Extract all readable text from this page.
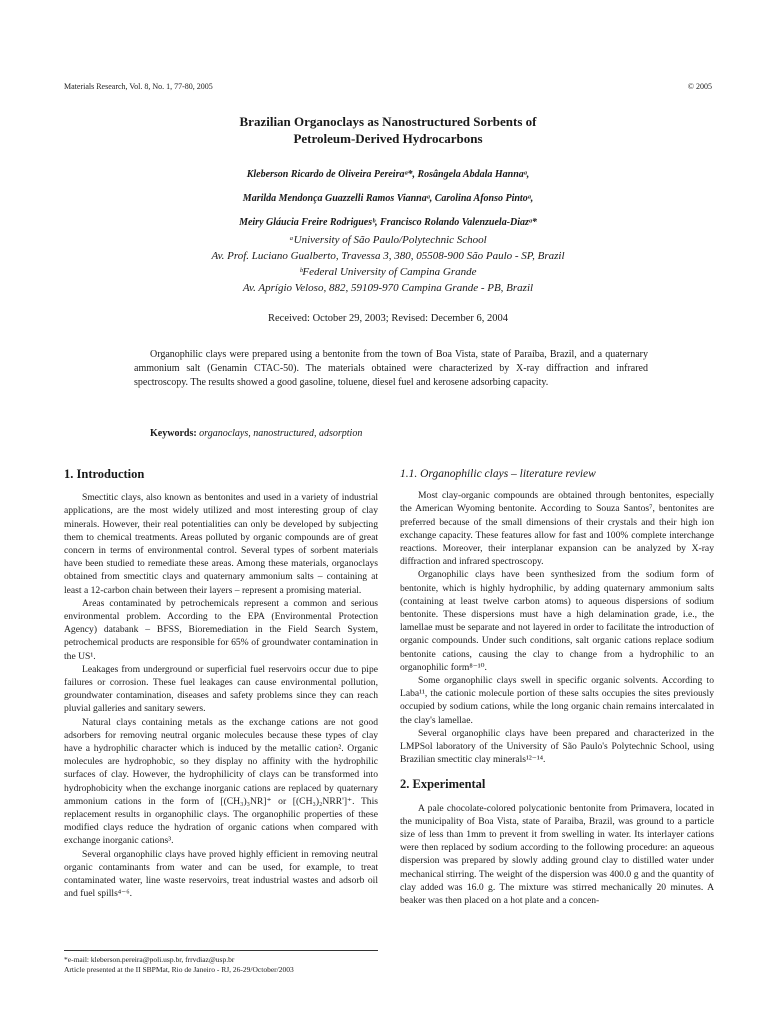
Materials Research, Vol. 8, No. 1, 77-80, 2005	© 2005
Brazilian Organoclays as Nanostructured Sorbents of
Petroleum-Derived Hydrocarbons

Kleberson Ricardo de Oliveira Pereiraᵃ*, Rosângela Abdala Hannaᵃ,

Marilda Mendonça Guazzelli Ramos Viannaᵃ, Carolina Afonso Pintoᵃ,

Meiry Gláucia Freire Rodriguesᵇ, Francisco Rolando Valenzuela-Diazᵃ*

ᵃUniversity of São Paulo/Polytechnic School

Av. Prof. Luciano Gualberto, Travessa 3, 380, 05508-900 São Paulo - SP, Brazil

ᵇFederal University of Campina Grande

Av. Aprígio Veloso, 882, 59109-970 Campina Grande - PB, Brazil

Received: October 29, 2003; Revised: December 6, 2004

Organophilic clays were prepared using a bentonite from the town of Boa Vista, state of Paraíba, Brazil, and a quaternary ammonium salt (Genamin CTAC-50). The materials obtained were characterized by X-ray diffraction and infrared spectroscopy. The results showed a good gasoline, toluene, diesel fuel and kerosene adsorbing capacity.

Keywords: organoclays, nanostructured, adsorption
1. Introduction

Smectitic clays, also known as bentonites and used in a variety of industrial applications, are the most widely utilized and most interesting group of clay minerals. However, their real potentialities can only be developed by subjecting them to chemical treatments. Areas polluted by organic compounds are of great concern in terms of environmental control. Several types of sorbent materials have been studied to remediate these areas. Among these materials, organoclays obtained from smectitic clays and quaternary ammonium salts – containing at least a 12-carbon chain between their layers – represent a promising material.

Areas contaminated by petrochemicals represent a common and serious environmental problem. According to the EPA (Environmental Protection Agency) databank – BFSS, Bioremediation in the Field Search System, petrochemical products are responsible for 65% of groundwater contamination in the US¹.

Leakages from underground or superficial fuel reservoirs occur due to pipe failures or corrosion. These fuel leakages can cause environmental pollution, groundwater contamination, diseases and safety problems since they can reach pluvial galleries and sanitary sewers.

Natural clays containing metals as the exchange cations are not good adsorbers for removing neutral organic molecules because these types of clay have a hydrophilic character which is induced by the metallic cation². Organic molecules are hydrophobic, so they display no affinity with the hydrophilic surfaces of clay. However, the hydrophilicity of clays can be transformed into hydrophobicity when the exchange inorganic cations are replaced by quaternary ammonium cations in the form of [(CH₃)₃NR]⁺ or [(CH₃)₂NRR']⁺. This replacement results in organophilic clays. The organophilic properties of these modified clays reduce the hydration of organic cations when compared with exchange inorganic cations³.

Several organophilic clays have proved highly efficient in removing neutral organic contaminants from water and can be used, for example, to treat contaminated water, line waste reservoirs, treat industrial wastes and adsorb oil and fuel spills⁴⁻⁶.

1.1. Organophilic clays – literature review

Most clay-organic compounds are obtained through bentonites, especially the American Wyoming bentonite. According to Souza Santos⁷, bentonites are preferred because of the small dimensions of their crystals and their high ion exchange capacity. These features allow for fast and 100% complete interchange reactions. Moreover, their interplanar expansion can be analyzed by X-ray diffraction and infrared spectroscopy.

Organophilic clays have been synthesized from the sodium form of bentonite, which is highly hydrophilic, by adding quaternary ammonium salts (containing at least twelve carbon atoms) to aqueous dispersions of sodium bentonite. These dispersions must have a high delamination grade, i.e., the lamellae must be separate and not layered in order to facilitate the introduction of organic compounds. Under such conditions, salt organic cations replace sodium bentonite cations, causing the clay to change from a hydrophilic to an organophilic form⁸⁻¹⁰.

Some organophilic clays swell in specific organic solvents. According to Laba¹¹, the cationic molecule portion of these salts occupies the sites previously occupied by sodium cations, while the long organic chain remains intercalated in the clay's lamellae.

Several organophilic clays have been prepared and characterized in the LMPSol laboratory of the University of São Paulo's Polytechnic School, using Brazilian smectitic clay minerals¹²⁻¹⁴.

2. Experimental

A pale chocolate-colored polycationic bentonite from Primavera, located in the municipality of Boa Vista, state of Paraiba, Brazil, was ground to a particle size of less than 1mm to prevent it from swelling in water. Its interlayer cations were then replaced by sodium according to the following procedure: an aqueous dispersion was prepared by slowly adding ground clay to distilled water under mechanical stirring. The weight of the dispersion was 400.0 g and the quantity of clay added was 16.0 g. The mixture was stirred mechanically 20 minutes. A beaker was then placed on a hot plate and a concen-

*e-mail: kleberson.pereira@poli.usp.br, frrvdiaz@usp.br

Article presented at the II SBPMat, Rio de Janeiro - RJ, 26-29/October/2003
